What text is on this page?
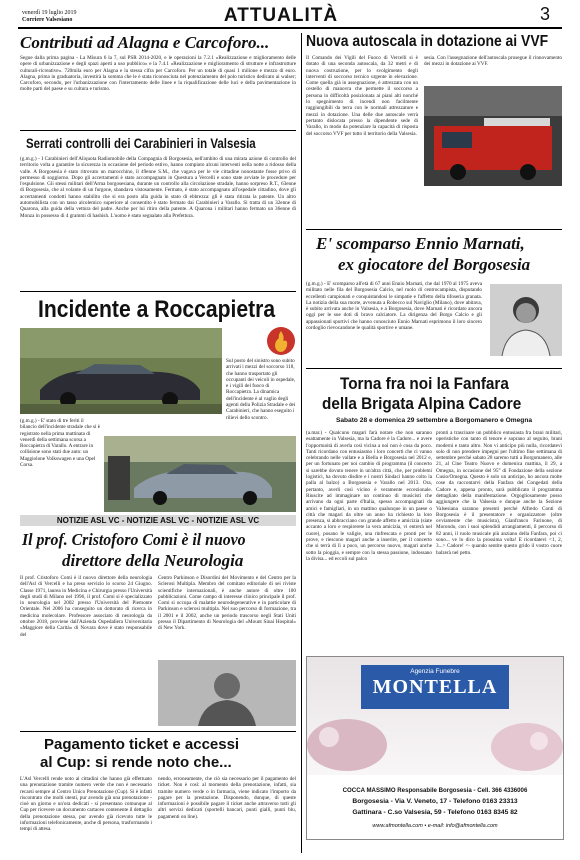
venerdì 19 luglio 2019
Corriere Valsesiano	ATTUALITÀ	3
Contributi ad Alagna e Carcoforo...
Segue dalla prima pagina - La Misura 6 la 7, sul PSR 2014-2020, e le operazioni la 7.2.1 «Realizzazione e miglioramento delle opere di urbanizzazione e degli spazi aperti a uso pubblico» e la 7.4.1 «Realizzazione e miglioramento di strutture e infrastrutture culturali-ricreative». 720mila euro per Alagna e la stessa cifra per Carcoforo. Per un totale di quasi 1 milione e mezzo di euro. Alagna, prima in graduatoria, investirà la somma che le è stata riconosciuta nel potenziamento del polo turistico dedicato ai walser; Carcoforo, secondo, per l'urbanizzazione con l'interramento delle linee e la riqualificazione delle luci e della pavimentazione in molte parti del paese e su cultura e turismo.
Serrati controlli dei Carabinieri in Valsesia
(g.m.g.) - I Carabinieri dell'Aliquota Radiomobile della Compagnia di Borgosesia, nell'ambito di una mirata azione di controllo del territorio volta a garantire la sicurezza in occasione del periodo estivo, hanno compiuto alcuni interventi nella notte a ridosso della valle. A Borgosesia è stato ritrovato un marocchino, il 49enne S.M., che vagava per le vie cittadine nonostante fosse privo di permesso di soggiorno. Dopo gli accertamenti è stato accompagnato in Questura a Vercelli e sono state avviate le procedure per l'espulsione. Gli stessi militari dell'Arma borgosesiana, durante un controllo alla circolazione stradale, hanno sorpreso R.T., 63enne di Borgosesia, che al volante di un furgone, sbandava vistosamente. Fermato, è stato accompagnato all'ospedale cittadino, dove gli accertamenti condotti hanno stabilito che si era posto alla guida in stato di ebbrezza: gli è stata ritirata la patente. Un altro automobilista con un tasso alcolemico superiore al consentito è stato fermato dai Carabinieri a Varallo. Si tratta di un 32enne di Quarona, alla guida della vettura del padre. Anche per lui ritiro della patente. A Quarona i militari hanno fermato un 36enne di Monza in possesso di 4 grammi di hashish. L'uomo è stato segnalato alla Prefettura.
Incidente a Roccapietra
Sul posto del sinistro sono subito arrivati i mezzi del soccorso 118, che hanno trasportato gli occupanti dei veicoli in ospedale, e i vigili del fuoco di Roccapietra. La dinamica dell'incidente è al vaglio degli agenti della Polizia Stradale e dei Carabinieri, che hanno eseguito i rilievi dello scontro.
(g.m.g.) - E' stato di tre feriti il bilancio dell'incidente stradale che si è registrato nella prima mattinata di venerdì della settimana scorsa a Roccapietra di Varallo. A entrare in collisione sono stati due auto: un Maggiolone Volkswagen e una Opel Corsa.
NOTIZIE ASL VC - NOTIZIE ASL VC - NOTIZIE ASL VC
Il prof. Cristoforo Comi è il nuovo
direttore della Neurologia
Il prof. Cristoforo Comi è il nuovo direttore della neurologia dell'Asl di Vercelli e ha preso servizio lo scorso 24 Giugno. Classe 1971, laurea in Medicina e Chirurgia presso l'Università degli studi di Milano nel 1996, il prof. Comi si è specializzato in neurologia nel 2002 presso l'Università del Piemonte Orientale. Nel 2006 ha conseguito un dottorato di ricerca in medicina molecolare. Professore associato di neurologia da ottobre 2018, proviene dall'Azienda Ospedaliera Universitaria «Maggiore della Carità» di Novara dove è stato responsabile del
Centro Parkinson e Disordini del Movimento e del Centro per la Sclerosi Multipla. Membro del comitato editoriale di sei riviste scientifiche internazionali, è anche autore di oltre 100 pubblicazioni. Come campo di interesse clinico principale il prof. Comi si occupa di malattie neurodegenerative e in particolare di Parkinson e sclerosi multipla. Nel suo percorso di formazione, tra il 2001 e il 2002, anche un periodo trascorso negli Stati Uniti presso il Dipartimento di Neurologia del «Mount Sinai Hospital» di New York.
Pagamento ticket e accessi
al Cup: si rende noto che...
L'Asl Vercelli rende noto ai cittadini che hanno già effettuato una prenotazione tramite numero verde che non è necessario recarsi sempre al Centro Unico Prenotazione (Cup). Si è infatti riscontrato che molti utenti, pur avendo già una prenotazione - cioè un giorno e un'ora dedicati - si presentano comunque al Cup per ricevere un documento cartaceo contenente il dettaglio della prenotazione stessa, pur avendo già ricevuto tutte le informazioni telefonicamente, anche di persona, trasformando i tempi di attesa.
nendo, erroneamente, che ciò sia necessario per il pagamento del ticket. Non è così: al momento della prenotazione, infatti, sia tramite numero verde o in farmacia, viene indicato l'importo da pagare per la prestazione. Disponendo, dunque, di queste informazioni è possibile pagare il ticket anche attraverso tutti gli altri servizi dedicati (sportelli bancari, punti gialli, punti blu, pagamenti on line).
Nuova autoscala in dotazione ai VVF
Il Comando dei Vigili del Fuoco di Vercelli si è dotato di una seconda autoscala, da 32 metri e di nuova costruzione, per lo svolgimento degli interventi di soccorso tecnico urgente in elevazione. Come quella già in assegnazione, è attrezzata con un cestello di manovra che permette il soccorso a persona in difficoltà posizionata ai piani alti nonché lo spegnimento di incendi non facilmente raggiungibili da terra con le normali attrezzature e mezzi in dotazione. Una delle due autoscale verrà pertanto dislocata presso la dipendente sede di Varallo, in modo da potenziare la capacità di risposta del soccorso VVF per tutto il territorio della Valsesia.
sesia. Con l'assegnazione dell'autoscala prosegue il rinnovamento dei mezzi in dotazione ai VVF.
E' scomparso Ennio Marnati,
ex giocatore del Borgosesia
(g.m.g.) - E' scomparso all'età di 67 anni Ennio Marnati, che dal 1970 al 1975 aveva militato nelle fila del Borgosesia Calcio, nel ruolo di centrocampista, disputando eccellenti campionati e conquistandosi le simpatie e l'affetto della tifoseria granata. La notizia della sua morte, avvenuta a Robecco sul Naviglio (Milano), dove abitava, è subito arrivata anche in Valsesia, e a Borgosesia, dove Marnati è ricordato ancora oggi per le sue doti di bravo calciatore. La dirigenza del Borgo Calcio e gli appassionati sportivi che hanno conosciuto Ennio Marnati esprimono il loro sincero cordoglio rievocandone le qualità sportive e umane.
Torna fra noi la Fanfara
della Brigata Alpina Cadore
Sabato 28 e domenica 29 settembre a Borgomanero e Omegna
(a.mar.) - Qualcuno magari farà notare che non saranno esattamente in Valsesia, ma la Cadore è la Cadore... e avere l'opportunità di averla così vicina a noi non è cosa da poco. Tanti ricordano con entusiasmo i loro concerti che ci vanno celebrando nelle vallate e a Biella e Borgosesia nel 2012 e, per un fortunato per noi cambio di programma (il concerto si sarebbe dovuto tenere in un'altra città, che, per problemi logistici, ha dovuto disdire e i nostri Sindaci hanno colto la palla al balzo) a Borgosesia e Varallo nel 2013. Ora, pertanto, averli così vicino è veramente eccezionale. Riuscite ad immaginare un continuo di musicisti che arrivano da ogni parte d'Italia, spesso accompagnati da amici e famigliari, in un mattino qualunque in un paese o città che magari da oltre un anno ha richiesto la loro presenza, si abbracciano con grande affetto e amicizia (siate accanto a loro e respirerete la vera amicizia, vi entrerà nel cuore), posano le valigie, una rinfrescata e pronti per le prove, e riescono magari anche a inserire, per il concerto che si terrà di lì a poco, un percorso nuovo, magari anche sotto la pioggia, e sempre con la stessa passione, indossano la divisa... ed eccoli sul palco
pronti a trascinare un pubblico entusiasta fra brani militari, operistiche con tanto di tenore e soprano al seguito, brani moderni e tanto altro. Non vi anticipo più nulla, ricordatevi solo di non prendere impegni per l'ultimo fine settimana di settembre perché sabato 28 saremo tutti a Borgomanero, alle 21, al Cine Teatro Nuovo e domenica mattina, il 29, a Omegna, in occasione del 95° di Fondazione della sezione Cusio/Omegna. Questo è solo un anticipo, ho ancora molte cose da raccontarvi della Fanfara dei Congedati della Cadore e, appena pronto, sarà pubblicato il programma dettagliato della manifestazione. Orgogliosamente posso aggiungere che la Valsesia e dunque anche la Sezione Valsesiana saranno presenti perché Alfredo Conti di Borgosesia è il presentatore e organizzatore (oltre ovviamente che musicista), Gianfranco Farinone, di Morondo, con i suoi splendidi arrangiamenti, il percorso di 82 anni, il ruolo musicale più anziano della Fanfara, poi ci sono... ve lo dico la prossima volta! E ricordatevi <1, 2, 3...> Cadore! <- quando sentite questo grido il vostro cuore balzerà nel petto.
Agenzia Funebre
MONTELLA
COCCA MASSIMO Responsabile Borgosesia - Cell. 366 4336006
Borgosesia - Via V. Veneto, 17 - Telefono 0163 23313
Gattinara - C.so Valsesia, 59 - Telefono 0163 8345 82
www.afmontella.com • e-mail: info@afmontella.com
